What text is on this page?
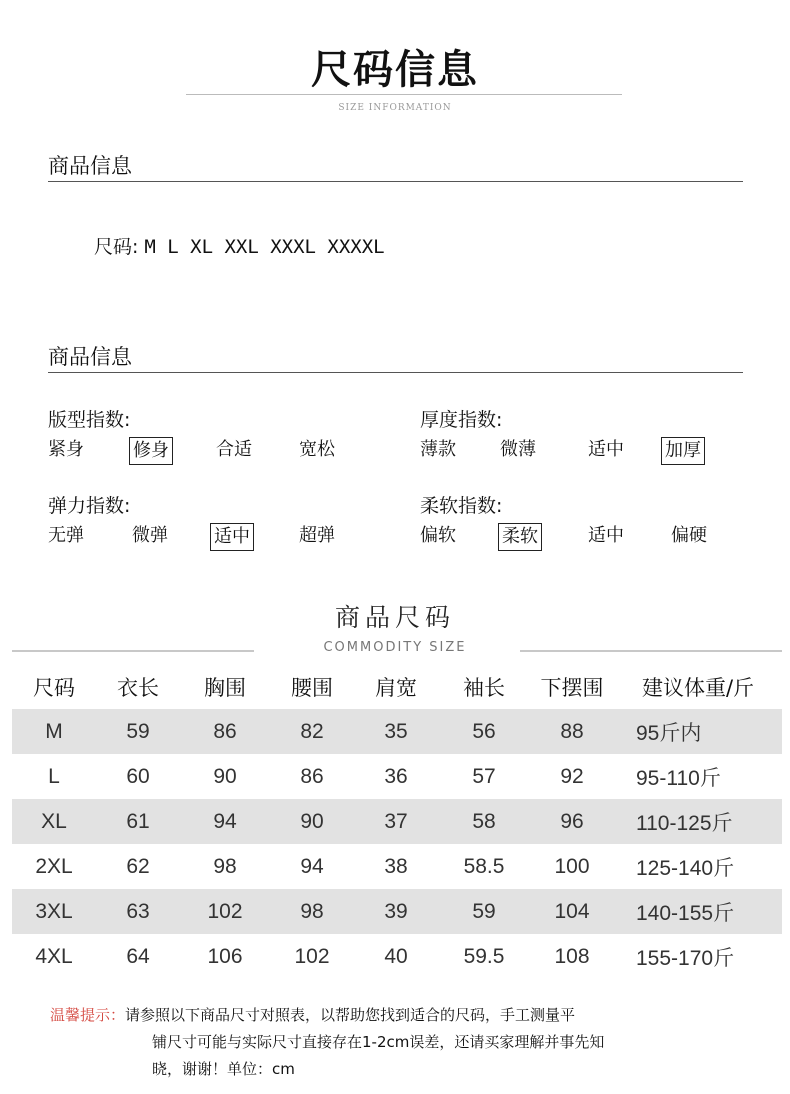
尺码信息
SIZE INFORMATION
商品信息
尺码: M L XL XXL XXXL XXXXL
商品信息
版型指数:
紧身	修身	合适	宽松
厚度指数:
薄款 微薄	适中 加厚
弹力指数:
无弹	微弹	适中	超弹
柔软指数:
偏软	柔软	适中	偏硬
商品尺码
COMMODITY SIZE
尺码	衣长	胸围	腰围	肩宽	袖长	下摆围	建议体重/斤
M	59	86	82	35	56	88	95斤内
L	60	90	86	36	57	92	95-110斤
XL	61	94	90	37	58	96	110-125斤
2XL	62	98	94	38	58.5	100	125-140斤
3XL	63	102	98	39	59	104	140-155斤
4XL	64	106	102	40	59.5	108	155-170斤
温馨提示：请参照以下商品尺寸对照表，以帮助您找到适合的尺码，手工测量平
铺尺寸可能与实际尺寸直接存在1-2cm误差，还请买家理解并事先知
晓，谢谢！单位：cm
